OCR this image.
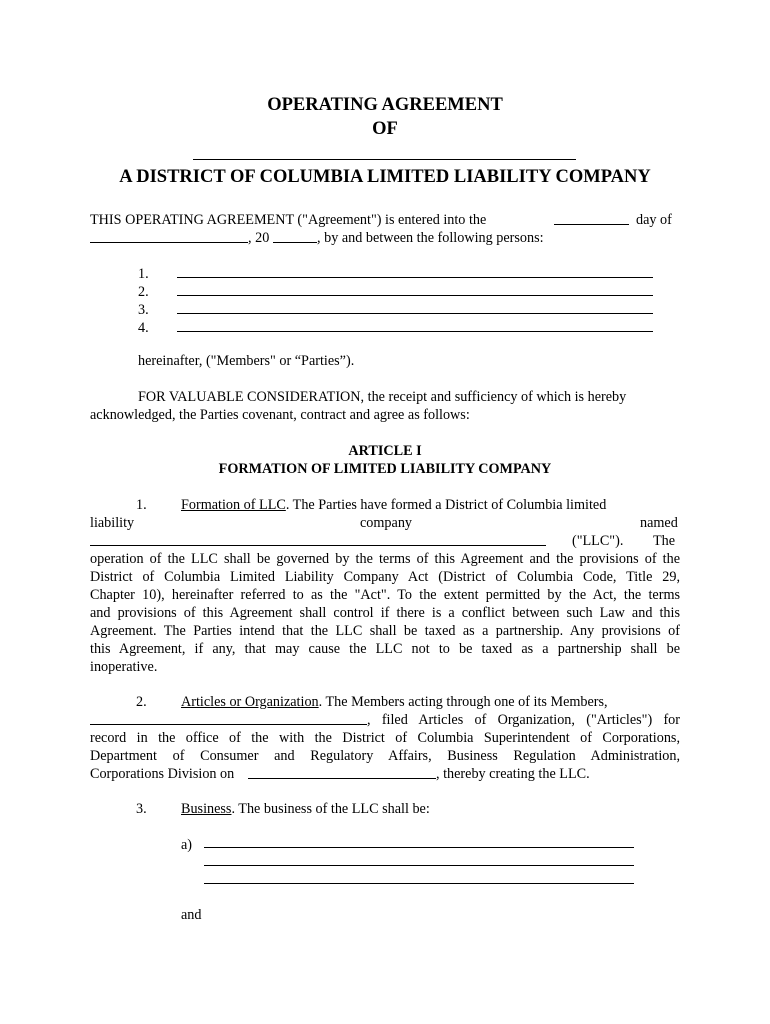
OPERATING AGREEMENT
OF
A DISTRICT OF COLUMBIA LIMITED LIABILITY COMPANY
THIS OPERATING AGREEMENT ("Agreement") is entered into the	day of
, 20	, by and between the following persons:
1.
2.
3.
4.
hereinafter, ("Members" or “Parties”).
FOR VALUABLE CONSIDERATION, the receipt and sufficiency of which is hereby
acknowledged, the Parties covenant, contract and agree as follows:
ARTICLE I
FORMATION OF LIMITED LIABILITY COMPANY
1. Formation of LLC. The Parties have formed a District of Columbia limited
liability	company	named
("LLC"). The
operation of the LLC shall be governed by the terms of this Agreement and the provisions of the
District of Columbia Limited Liability Company Act (District of Columbia Code, Title 29,
Chapter 10), hereinafter referred to as the "Act". To the extent permitted by the Act, the terms
and provisions of this Agreement shall control if there is a conflict between such Law and this
Agreement. The Parties intend that the LLC shall be taxed as a partnership. Any provisions of
this Agreement, if any, that may cause the LLC not to be taxed as a partnership shall be
inoperative.
2. Articles or Organization. The Members acting through one of its Members,
, filed Articles of Organization, ("Articles") for
record in the office of the with the District of Columbia Superintendent of Corporations,
Department of Consumer and Regulatory Affairs, Business Regulation Administration,
Corporations Division on	, thereby creating the LLC.
3. Business. The business of the LLC shall be:
a)
and
